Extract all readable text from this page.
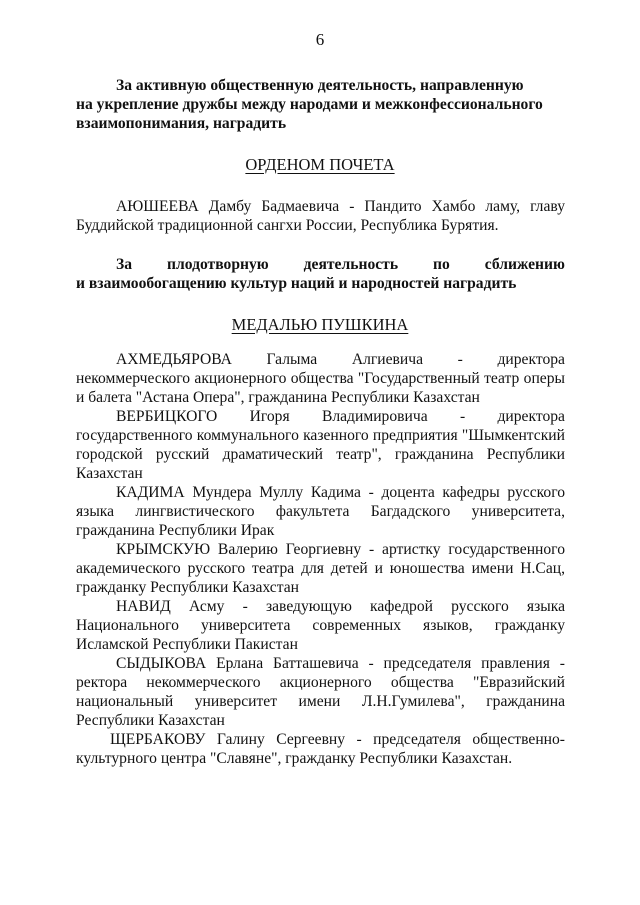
6
За активную общественную деятельность, направленную
на укрепление дружбы между народами и межконфессионального
взаимопонимания, наградить
ОРДЕНОМ ПОЧЕТА
АЮШЕЕВА Дамбу Бадмаевича - Пандито Хамбо ламу, главу Буддийской традиционной сангхи России, Республика Бурятия.
За плодотворную деятельность по сближению
и взаимообогащению культур наций и народностей наградить
МЕДАЛЬЮ ПУШКИНА
АХМЕДЬЯРОВА Галыма Алгиевича - директора
некоммерческого акционерного общества "Государственный театр оперы и балета "Астана Опера", гражданина Республики Казахстан
ВЕРБИЦКОГО Игоря Владимировича - директора
государственного коммунального казенного предприятия "Шымкентский городской русский драматический театр", гражданина Республики Казахстан
КАДИМА Мундера Муллу Кадима - доцента кафедры русского языка лингвистического факультета Багдадского университета, гражданина Республики Ирак
КРЫМСКУЮ Валерию Георгиевну - артистку государственного академического русского театра для детей и юношества имени Н.Сац, гражданку Республики Казахстан
НАВИД Асму - заведующую кафедрой русского языка Национального университета современных языков, гражданку Исламской Республики Пакистан
СЫДЫКОВА Ерлана Батташевича - председателя правления - ректора некоммерческого акционерного общества "Евразийский национальный университет имени Л.Н.Гумилева", гражданина Республики Казахстан
ЩЕРБАКОВУ Галину Сергеевну - председателя общественно-культурного центра "Славяне", гражданку Республики Казахстан.
